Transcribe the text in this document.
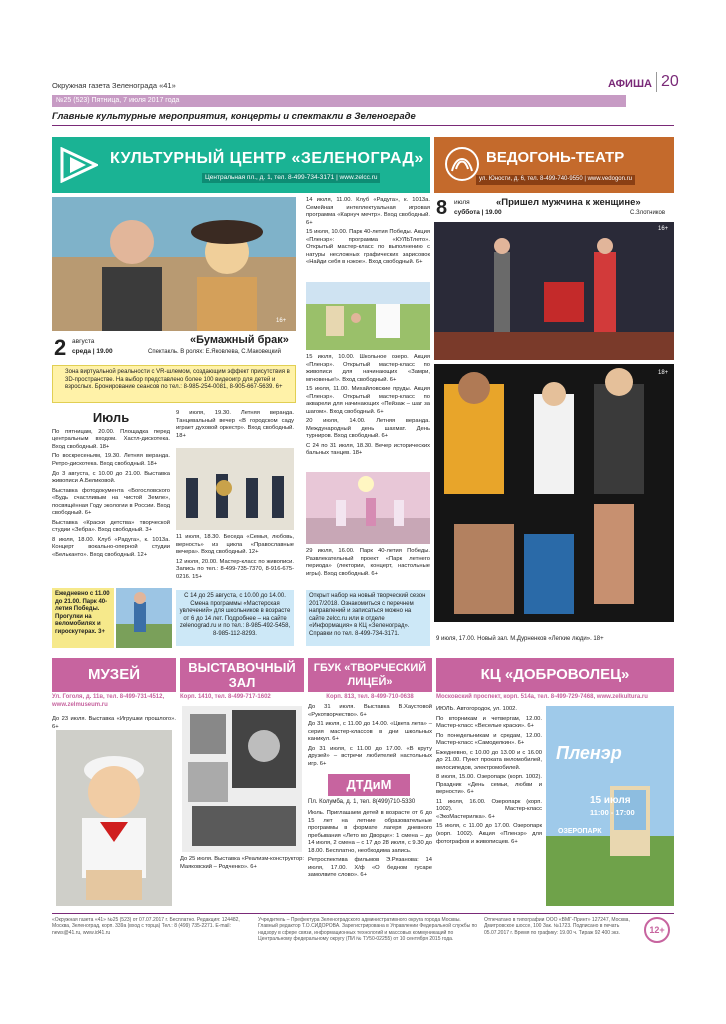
Окружная газета Зеленограда «41»
№25 (523) Пятница, 7 июля 2017 года
АФИША 20
Главные культурные мероприятия, концерты и спектакли в Зеленограде
КУЛЬТУРНЫЙ ЦЕНТР «ЗЕЛЕНОГРАД»
Центральная пл., д. 1, тел. 8-499-734-3171 | www.zelcc.ru
ВЕДОГОНЬ-ТЕАТР
ул. Юности, д. 6, тел. 8-499-740-9550 | www.vedogon.ru
16+
2 августа
среда | 19.00
«Бумажный брак»
Спектакль. В ролях: Е.Яковлева, С.Маковецкий
Зона виртуальной реальности с VR-шлемом, создающим эффект присутствия в 3D-пространстве. На выбор представлено более 100 видеоигр для детей и взрослых. Бронирование сеансов по тел.: 8-985-254-0081, 8-905-667-5639. 6+
Июль

По пятницам, 20.00. Площадка перед центральным входом. Хастл-дискотека. Вход свободный. 18+

По воскресеньям, 19.30. Летняя веранда. Ретро-дискотека. Вход свободный. 18+

До 3 августа, с 10.00 до 21.00. Выставка живописи А.Беликовой.

Выставка фотодокумента «Богословского «Будь счастливым на чистой Земле», посвящённая Году экологии в России. Вход свободный. 6+

Выставка «Краски детства» творческой студии «Зебра». Вход свободный. 3+

8 июля, 18.00. Клуб «Радуга», к. 1013а. Концерт вокально-оперной студии «Бельканто». Вход свободный. 12+

Ежедневно с 11.00 до 21.00. Парк 40-летия Победы. Прогулки на веломобилях и гироскутерах. 3+

9 июля, 19.30. Летняя веранда. Танцевальный вечер «В городском саду играет духовой оркестр». Вход свободный. 18+

11 июля, 18.30. Беседа «Семья, любовь, верность» из цикла «Православные вечера». Вход свободный. 12+

12 июля, 20.00. Мастер-класс по живописи. Запись по тел.: 8-499-735-7370, 8-916-675-0216. 15+

С 14 до 25 августа, с 10.00 до 14.00. Смена программы «Мастерская увлечений» для школьников в возрасте от 6 до 14 лет. Подробнее – на сайте zelenograd.ru и по тел.: 8-985-492-5458, 8-985-112-8293.

14 июля, 11.00. Клуб «Радуга», к. 1013а. Семейная интеллектуальная игровая программа «Карнуч мечтр». Вход свободный. 6+

15 июля, 10.00. Парк 40-летия Победы. Акция «Пленэр»: программа «КУЛЬТлето». Открытый мастер-класс по выполнению с натуры несложных графических зарисовок «Найди себя в нэкое». Вход свободный. 6+

15 июля, 10.00. Школьное озеро. Акция «Пленэр». Открытый мастер-класс по живописи для начинающих «Замри, мгновенье!». Вход свободный. 6+

15 июля, 11.00. Михайловские пруды. Акция «Пленэр». Открытый мастер-класс по акварели для начинающих «Пейзаж – шаг за шагом». Вход свободный. 6+

20 июля, 14.00. Летняя веранда. Международный день шахмат. День турниров. Вход свободный. 6+

С 24 по 31 июля, 18.30. Вечер исторических бальных танцев. 18+

29 июля, 16.00. Парк 40-летия Победы. Развлекательный проект «Парк летнего периода» (лектории, концерт, настольные игры). Вход свободный. 6+

Открыт набор на новый творческий сезон 2017/2018. Ознакомиться с перечнем направлений и записаться можно на сайте zelcc.ru или в отделе «Информация» в КЦ «Зеленоград». Справки по тел. 8-499-734-3171.
8 июля
суббота | 19.00
«Пришел мужчина к женщине»
С.Злотников
16+
18+
9 июля, 17.00. Новый зал. М.Дурненков «Легкие люди». 18+
МУЗЕЙ	ВЫСТАВОЧНЫЙ ЗАЛ
ГБУК «ТВОРЧЕСКИЙ ЛИЦЕЙ»	КЦ «ДОБРОВОЛЕЦ»
Ул. Гоголя, д. 11в, тел. 8-499-731-4512, www.zelmuseum.ru

До 23 июля. Выставка «Игрушки прошлого». 6+

Корп. 1410, тел. 8-499-717-1602

До 25 июля. Выставка «Реализм-конструктор: Маяковский – Родченко». 6+

Корп. 813, тел. 8-499-710-0638

До 31 июля. Выставка В.Хаустовой «Рукотворчество». 6+

До 31 июля, с 11.00 до 14.00. «Цвета лета» – серия мастер-классов в дни школьных каникул. 6+

До 31 июля, с 11.00 до 17.00. «В круту друзей» – встречи любителей настольных игр. 6+

ДТДиМ
Пл. Колумба, д. 1, тел. 8(499)710-5330

Июль. Приглашаем детей в возрасте от 6 до 15 лет на летние образовательные программы в формате лагеря дневного пребывания «Лето во Дворце»: 1 смена – до 14 июля, 2 смена – с 17 до 28 июля, с 9.30 до 18.00. Бесплатно, необходима запись.

Ретроспектива фильмов Э.Рязанова: 14 июля, 17.00. Х/ф «О бедном гусаре замолвите слово». 6+

Московский проспект, корп. 514а, тел. 8-499-729-7468, www.zelkultura.ru

ИЮЛЬ. Автогородок, ул. 1002.

По вторникам и четвергам, 12.00. Мастер-класс «Веселые краски». 6+

По понедельникам и средам, 12.00. Мастер-класс «Самоделкин». 6+

Ежедневно, с 10.00 до 13.00 и с 16.00 до 21.00. Пункт проката веломобилей, велосипедов, электромобилей.

8 июля, 15.00. Озеропарк (корп. 1002). Праздник «День семьи, любви и верности». 6+

11 июля, 16.00. Озеропарк (корп. 1002). Мастер-класс «ЭкоМастерилка». 6+

15 июля, с 11.00 до 17.00. Озеропарк (корп. 1002). Акция «Пленэр» для фотографов и живописцев. 6+

Пленэр
15 июля
11:00 - 17:00
ОЗЕРОПАРК
«Окружная газета «41» №25 (523) от 07.07.2017 г. Бесплатно. Редакция: 124482, Москва, Зеленоград, корп. 339а (вход с торца) Тел.: 8 (499) 735-2271. E-mail: news@41.ru, www.id41.ru
Учредитель – Префектура Зеленоградского административного округа города Москвы. Главный редактор Т.О.СИДОРОВА. Зарегистрирована в Управлении Федеральной службы по надзору в сфере связи, информационных технологий и массовых коммуникаций по Центральному федеральному округу (ПИ № ТУ50-02255) от 10 сентября 2015 года.
Отпечатано в типографии ООО «ВМГ-Принт» 127247, Москва, Дмитровское шоссе, 100 Зак. №1723. Подписано в печать 05.07.2017 г. Время по графику: 19.00 ч. Тираж 92 400 экз.	12+
